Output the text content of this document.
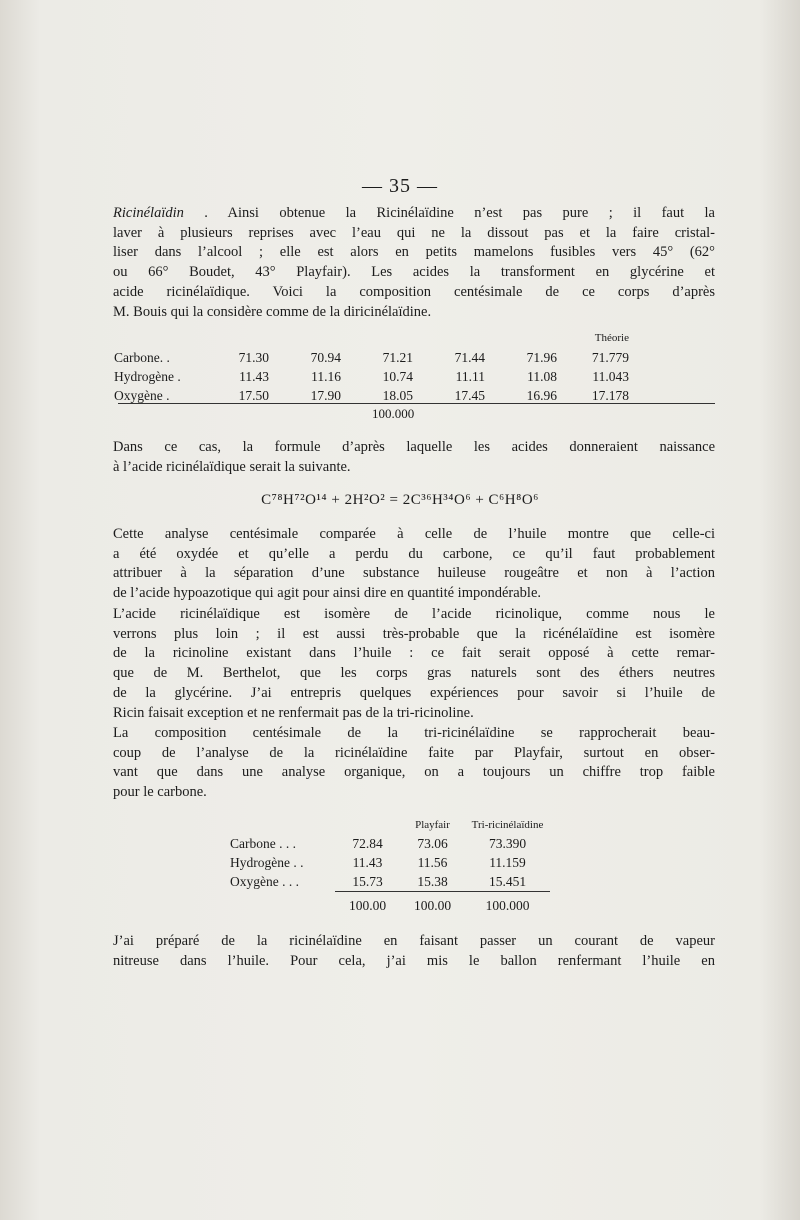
— 35 —
Ricinélaïdin . Ainsi obtenue la Ricinélaïdine n’est pas pure ; il faut la
laver à plusieurs reprises avec l’eau qui ne la dissout pas et la faire cristal-
liser dans l’alcool ; elle est alors en petits mamelons fusibles vers 45° (62°
ou 66° Boudet, 43° Playfair). Les acides la transforment en glycérine et
acide ricinélaïdique. Voici la composition centésimale de ce corps d’après
M. Bouis qui la considère comme de la diricinélaïdine.
						Théorie
Carbone. .	71.30	70.94	71.21	71.44	71.96	71.779
Hydrogène .	11.43	11.16	10.74	11.11	11.08	11.043
Oxygène .	17.50	17.90	18.05	17.45	16.96	17.178
100.000
Dans ce cas, la formule d’après laquelle les acides donneraient naissance
à l’acide ricinélaïdique serait la suivante.
C⁷⁸H⁷²O¹⁴ + 2H²O² = 2C³⁶H³⁴O⁶ + C⁶H⁸O⁶
Cette analyse centésimale comparée à celle de l’huile montre que celle-ci
a été oxydée et qu’elle a perdu du carbone, ce qu’il faut probablement
attribuer à la séparation d’une substance huileuse rougeâtre et non à l’action
de l’acide hypoazotique qui agit pour ainsi dire en quantité impondérable.
L’acide ricinélaïdique est isomère de l’acide ricinolique, comme nous le
verrons plus loin ; il est aussi très-probable que la ricénélaïdine est isomère
de la ricinoline existant dans l’huile : ce fait serait opposé à cette remar-
que de M. Berthelot, que les corps gras naturels sont des éthers neutres
de la glycérine. J’ai entrepris quelques expériences pour savoir si l’huile de
Ricin faisait exception et ne renfermait pas de la tri-ricinoline.
La composition centésimale de la tri-ricinélaïdine se rapprocherait beau-
coup de l’analyse de la ricinélaïdine faite par Playfair, surtout en obser-
vant que dans une analyse organique, on a toujours un chiffre trop faible
pour le carbone.
		Playfair	Tri-ricinélaïdine
Carbone . . .	72.84	73.06	73.390
Hydrogène . .	11.43	11.56	11.159
Oxygène . . .	15.73	15.38	15.451
	100.00	100.00	100.000
J’ai préparé de la ricinélaïdine en faisant passer un courant de vapeur
nitreuse dans l’huile. Pour cela, j’ai mis le ballon renfermant l’huile en
